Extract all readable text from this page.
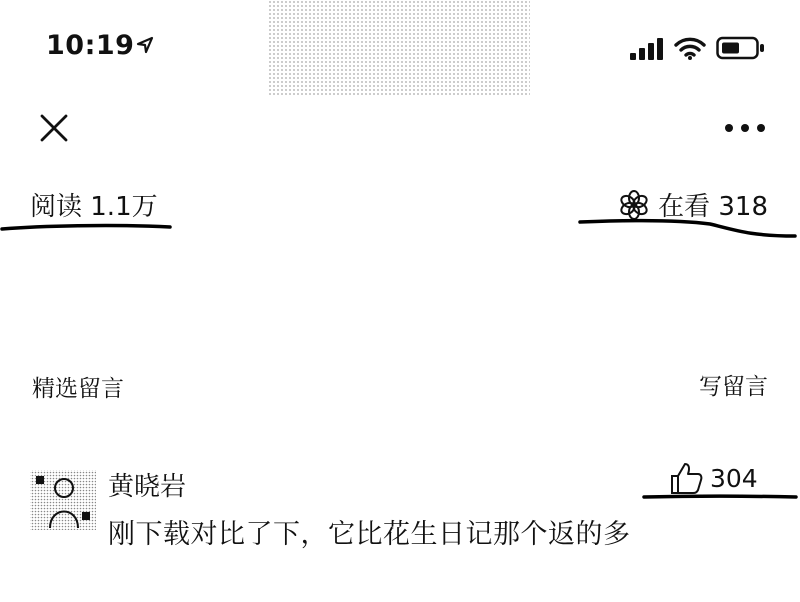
10:19
阅读 1.1万	在看 318
精选留言	写留言
黄晓岩	304
刚下载对比了下，它比花生日记那个返的多
